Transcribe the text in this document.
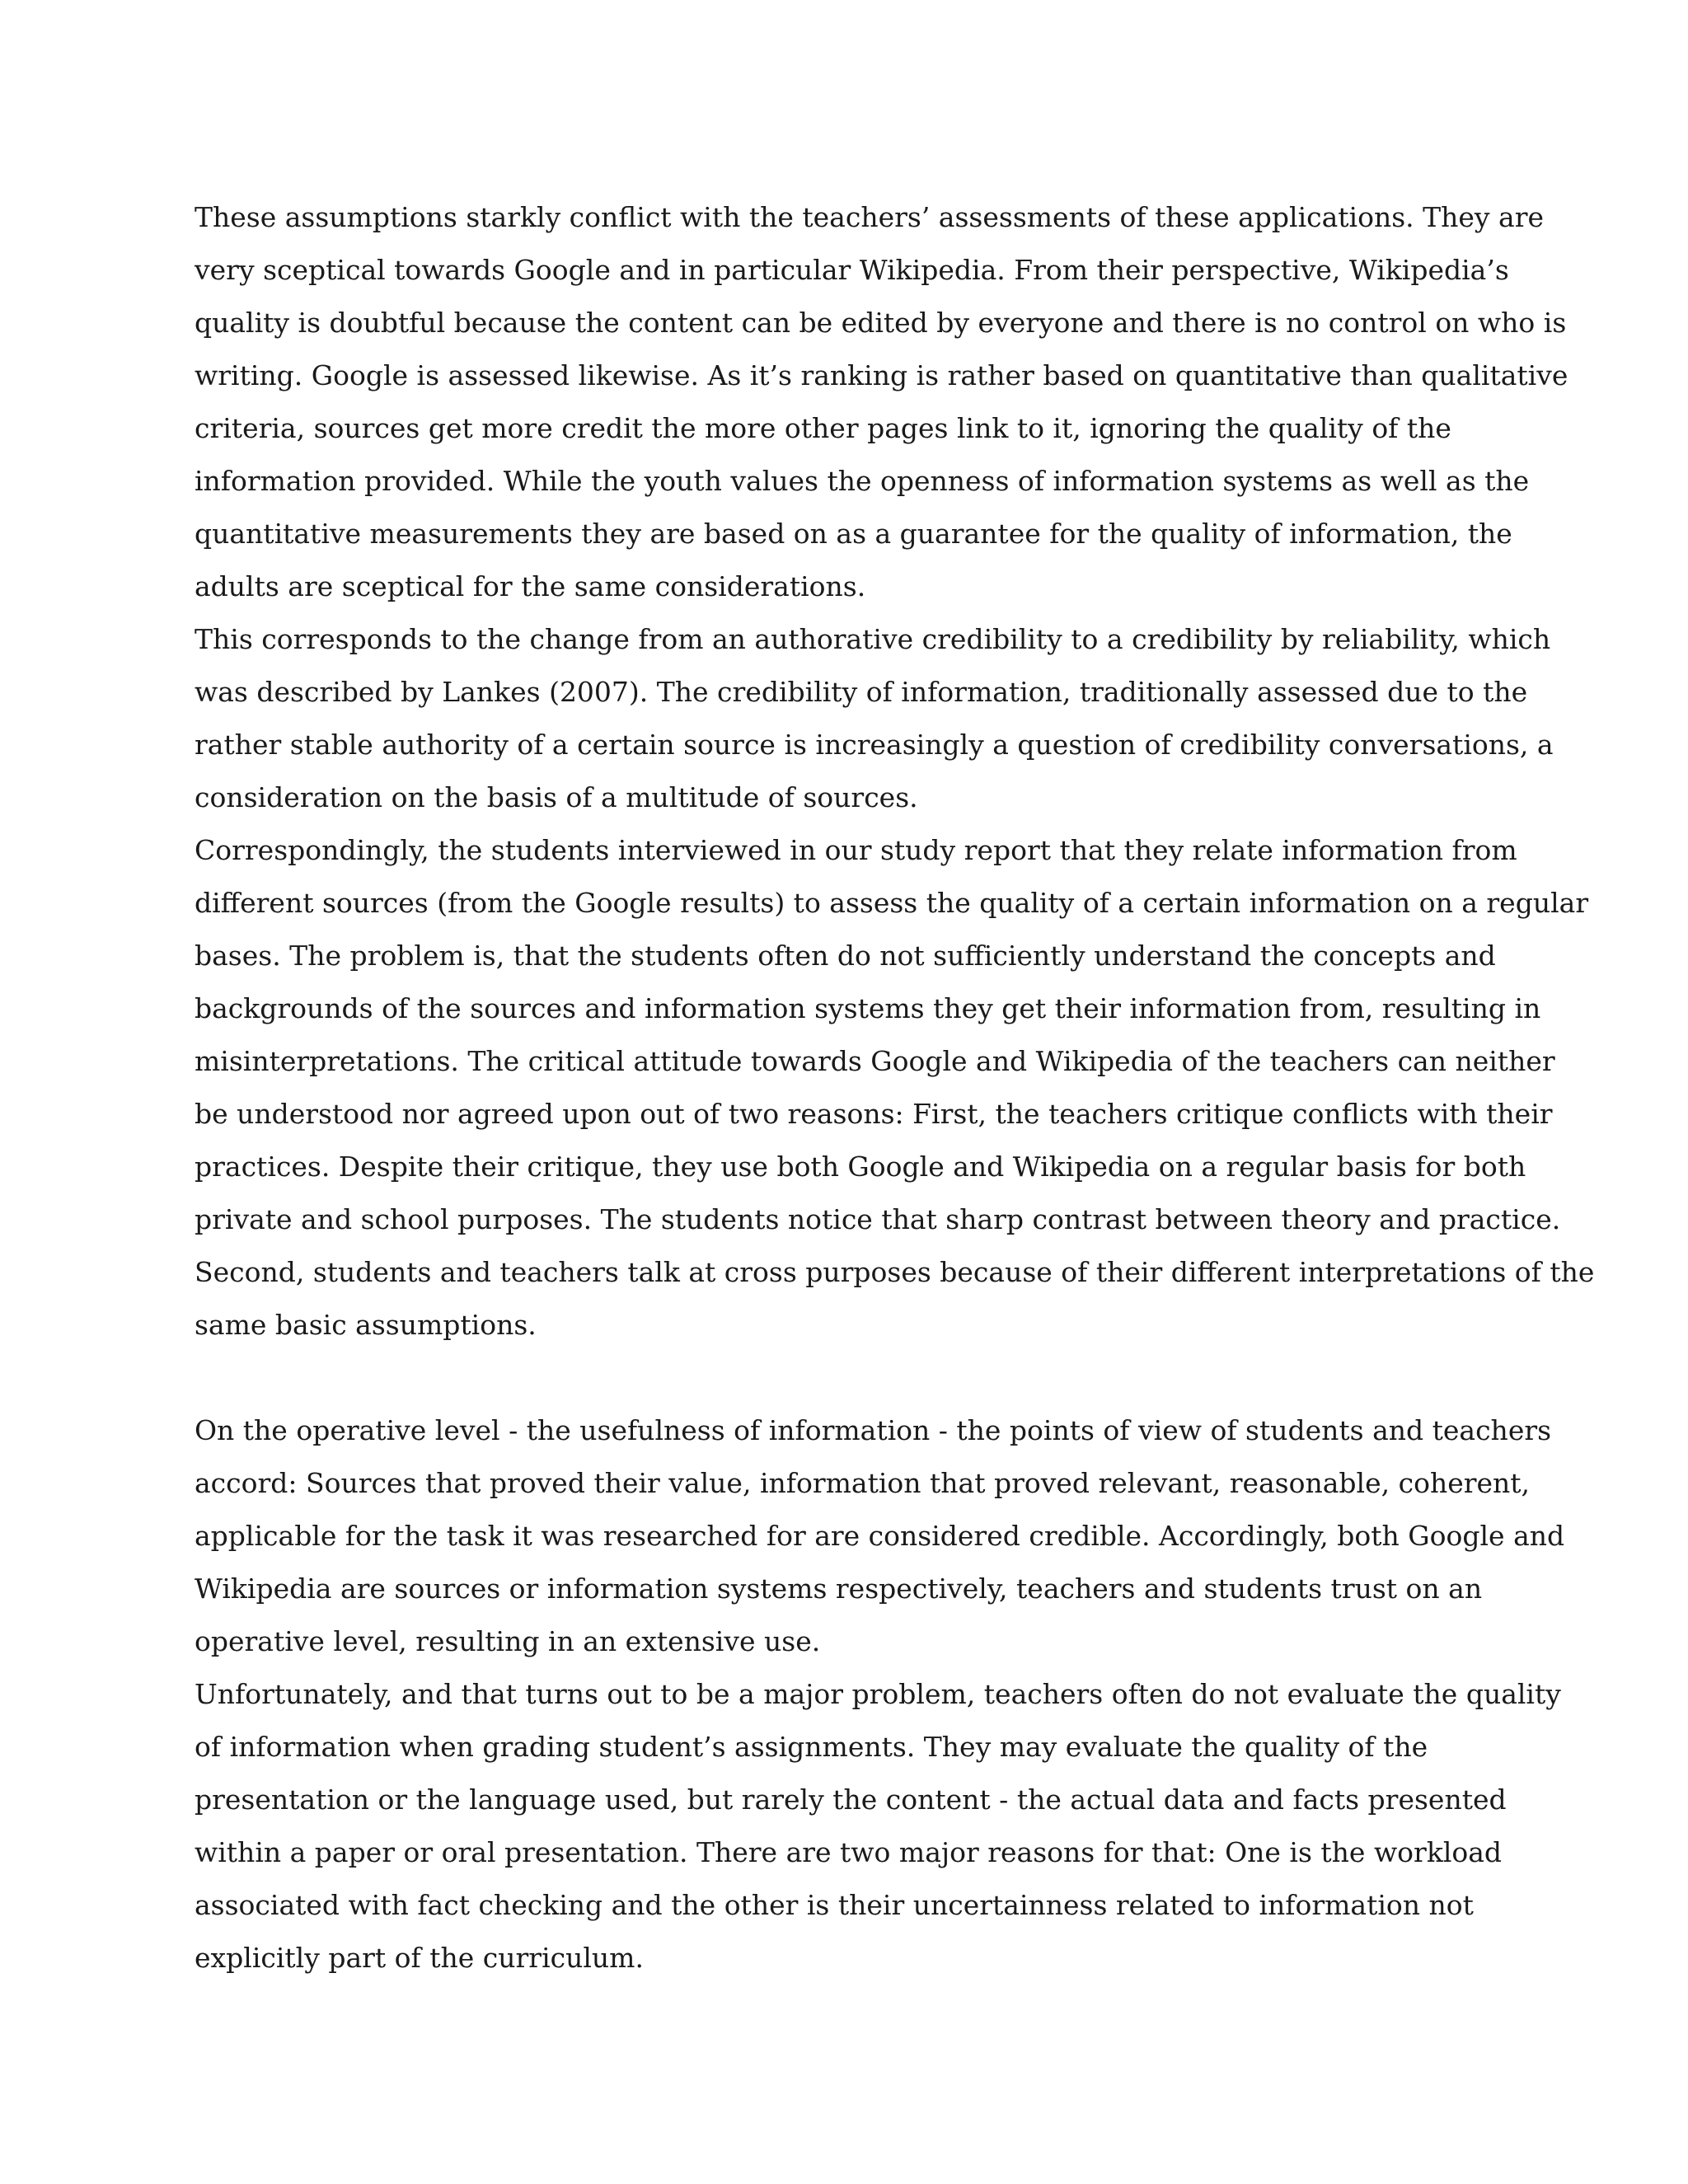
These assumptions starkly conflict with the teachers’ assessments of these applications. They are
very sceptical towards Google and in particular Wikipedia. From their perspective, Wikipedia’s
quality is doubtful because the content can be edited by everyone and there is no control on who is
writing. Google is assessed likewise. As it’s ranking is rather based on quantitative than qualitative
criteria, sources get more credit the more other pages link to it, ignoring the quality of the
information provided. While the youth values the openness of information systems as well as the
quantitative measurements they are based on as a guarantee for the quality of information, the
adults are sceptical for the same considerations.
This corresponds to the change from an authorative credibility to a credibility by reliability, which
was described by Lankes (2007). The credibility of information, traditionally assessed due to the
rather stable authority of a certain source is increasingly a question of credibility conversations, a
consideration on the basis of a multitude of sources.
Correspondingly, the students interviewed in our study report that they relate information from
different sources (from the Google results) to assess the quality of a certain information on a regular
bases. The problem is, that the students often do not sufficiently understand the concepts and
backgrounds of the sources and information systems they get their information from, resulting in
misinterpretations. The critical attitude towards Google and Wikipedia of the teachers can neither
be understood nor agreed upon out of two reasons: First, the teachers critique conflicts with their
practices. Despite their critique, they use both Google and Wikipedia on a regular basis for both
private and school purposes. The students notice that sharp contrast between theory and practice.
Second, students and teachers talk at cross purposes because of their different interpretations of the
same basic assumptions.
On the operative level - the usefulness of information - the points of view of students and teachers
accord: Sources that proved their value, information that proved relevant, reasonable, coherent,
applicable for the task it was researched for are considered credible. Accordingly, both Google and
Wikipedia are sources or information systems respectively, teachers and students trust on an
operative level, resulting in an extensive use.
Unfortunately, and that turns out to be a major problem, teachers often do not evaluate the quality
of information when grading student’s assignments. They may evaluate the quality of the
presentation or the language used, but rarely the content - the actual data and facts presented
within a paper or oral presentation. There are two major reasons for that: One is the workload
associated with fact checking and the other is their uncertainness related to information not
explicitly part of the curriculum.
